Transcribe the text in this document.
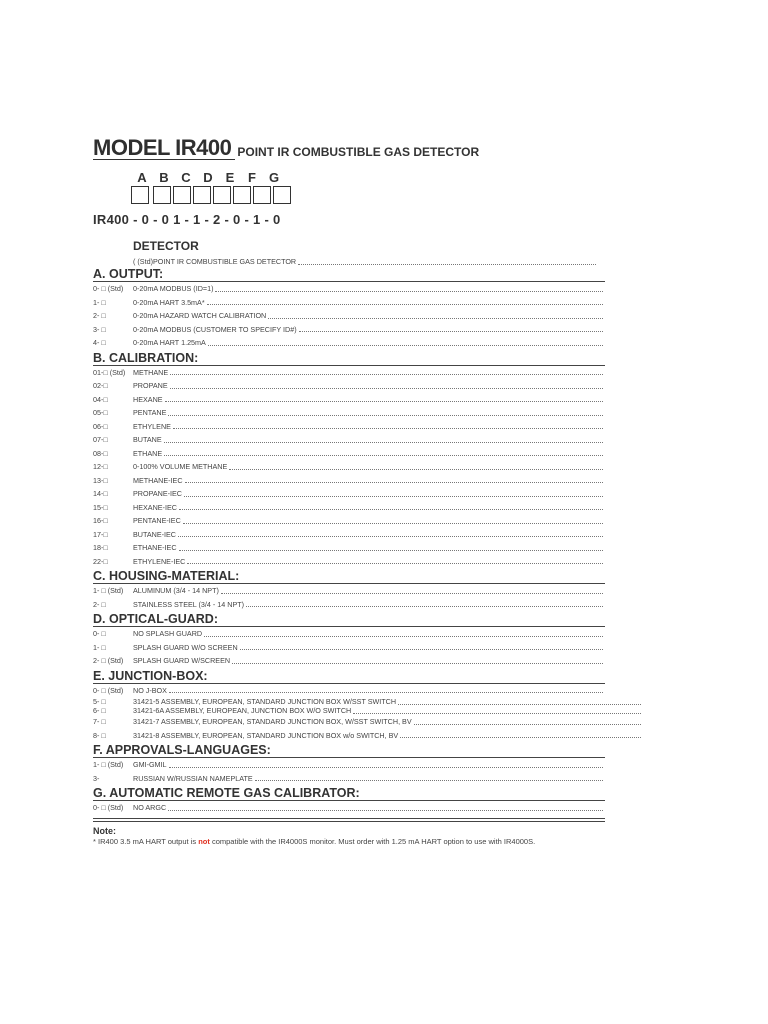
MODEL IR400 POINT IR COMBUSTIBLE GAS DETECTOR
A B C D E	F G
IR400 - 0 - 0 1 - 1 - 2 - 0 - 1 - 0
DETECTOR
( (Std) POINT IR COMBUSTIBLE GAS DETECTOR
A. OUTPUT:
0- □ (Std)	0-20mA MODBUS (ID=1)
1- □	0-20mA HART 3.5mA*
2- □	0-20mA HAZARD WATCH CALIBRATION
3- □	0-20mA MODBUS (CUSTOMER TO SPECIFY ID#)
4- □	0-20mA HART 1.25mA
B. CALIBRATION:
01-□ (Std)	METHANE
02-□	PROPANE
04-□	HEXANE
05-□	PENTANE
06-□	ETHYLENE
07-□	BUTANE
08-□	ETHANE
12-□	0-100% VOLUME METHANE
13-□	METHANE-IEC
14-□	PROPANE-IEC
15-□	HEXANE-IEC
16-□	PENTANE-IEC
17-□	BUTANE-IEC
18-□	ETHANE-IEC
22-□	ETHYLENE-IEC
C. HOUSING-MATERIAL:
1- □ (Std)	ALUMINUM (3/4 - 14 NPT)
2- □	STAINLESS STEEL (3/4 - 14 NPT)
D. OPTICAL-GUARD:
0- □	NO SPLASH GUARD
1- □	SPLASH GUARD W/O SCREEN
2- □ (Std)	SPLASH GUARD W/SCREEN
E. JUNCTION-BOX:
0- □ (Std)	NO J-BOX
5- □	31421-5 ASSEMBLY, EUROPEAN, STANDARD JUNCTION BOX W/SST SWITCH
6- □	31421-6A ASSEMBLY, EUROPEAN, JUNCTION BOX W/O SWITCH
7- □	31421-7 ASSEMBLY, EUROPEAN, STANDARD JUNCTION BOX, W/SST SWITCH, BV
8- □	31421-8 ASSEMBLY, EUROPEAN, STANDARD JUNCTION BOX w/o SWITCH, BV
F. APPROVALS-LANGUAGES:
1- □ (Std)	GMI-GMIL
3-	RUSSIAN W/RUSSIAN NAMEPLATE
G. AUTOMATIC REMOTE GAS CALIBRATOR:
0- □ (Std)	NO ARGC
Note:
* IR400 3.5 mA HART output is not compatible with the IR4000S monitor. Must order with 1.25 mA HART option to use with IR4000S.
